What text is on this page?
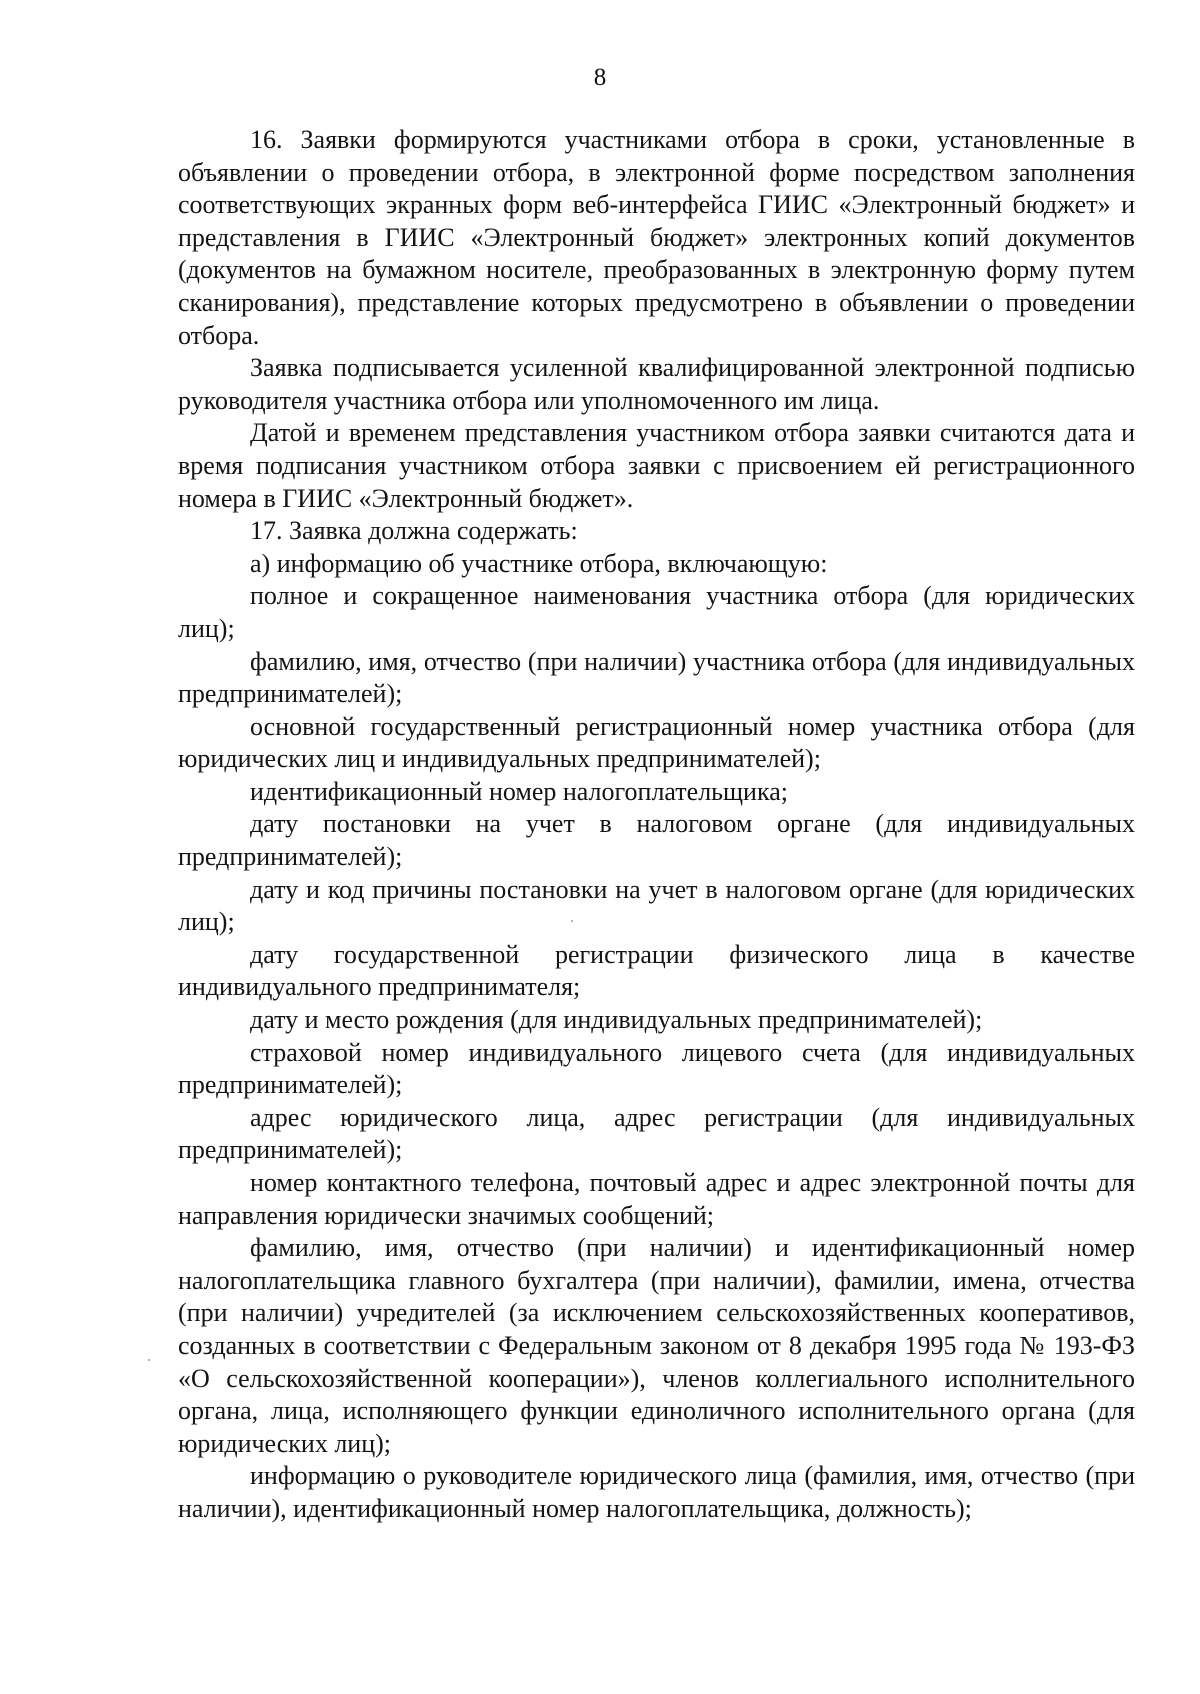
8

16. Заявки формируются участниками отбора в сроки, установленные в объявлении о проведении отбора, в электронной форме посредством заполнения соответствующих экранных форм веб-интерфейса ГИИС «Электронный бюджет» и представления в ГИИС «Электронный бюджет» электронных копий документов (документов на бумажном носителе, преобразованных в электронную форму путем сканирования), представление которых предусмотрено в объявлении о проведении отбора.

Заявка подписывается усиленной квалифицированной электронной подписью руководителя участника отбора или уполномоченного им лица.

Датой и временем представления участником отбора заявки считаются дата и время подписания участником отбора заявки с присвоением ей регистрационного номера в ГИИС «Электронный бюджет».

17. Заявка должна содержать:

а) информацию об участнике отбора, включающую:

полное и сокращенное наименования участника отбора (для юридических лиц);

фамилию, имя, отчество (при наличии) участника отбора (для индивидуальных предпринимателей);

основной государственный регистрационный номер участника отбора (для юридических лиц и индивидуальных предпринимателей);

идентификационный номер налогоплательщика;

дату постановки на учет в налоговом органе (для индивидуальных предпринимателей);

дату и код причины постановки на учет в налоговом органе (для юридических лиц);

дату государственной регистрации физического лица в качестве индивидуального предпринимателя;

дату и место рождения (для индивидуальных предпринимателей);

страховой номер индивидуального лицевого счета (для индивидуальных предпринимателей);

адрес юридического лица, адрес регистрации (для индивидуальных предпринимателей);

номер контактного телефона, почтовый адрес и адрес электронной почты для направления юридически значимых сообщений;

фамилию, имя, отчество (при наличии) и идентификационный номер налогоплательщика главного бухгалтера (при наличии), фамилии, имена, отчества (при наличии) учредителей (за исключением сельскохозяйственных кооперативов, созданных в соответствии с Федеральным законом от 8 декабря 1995 года № 193-ФЗ «О сельскохозяйственной кооперации»), членов коллегиального исполнительного органа, лица, исполняющего функции единоличного исполнительного органа (для юридических лиц);

информацию о руководителе юридического лица (фамилия, имя, отчество (при наличии), идентификационный номер налогоплательщика, должность);
